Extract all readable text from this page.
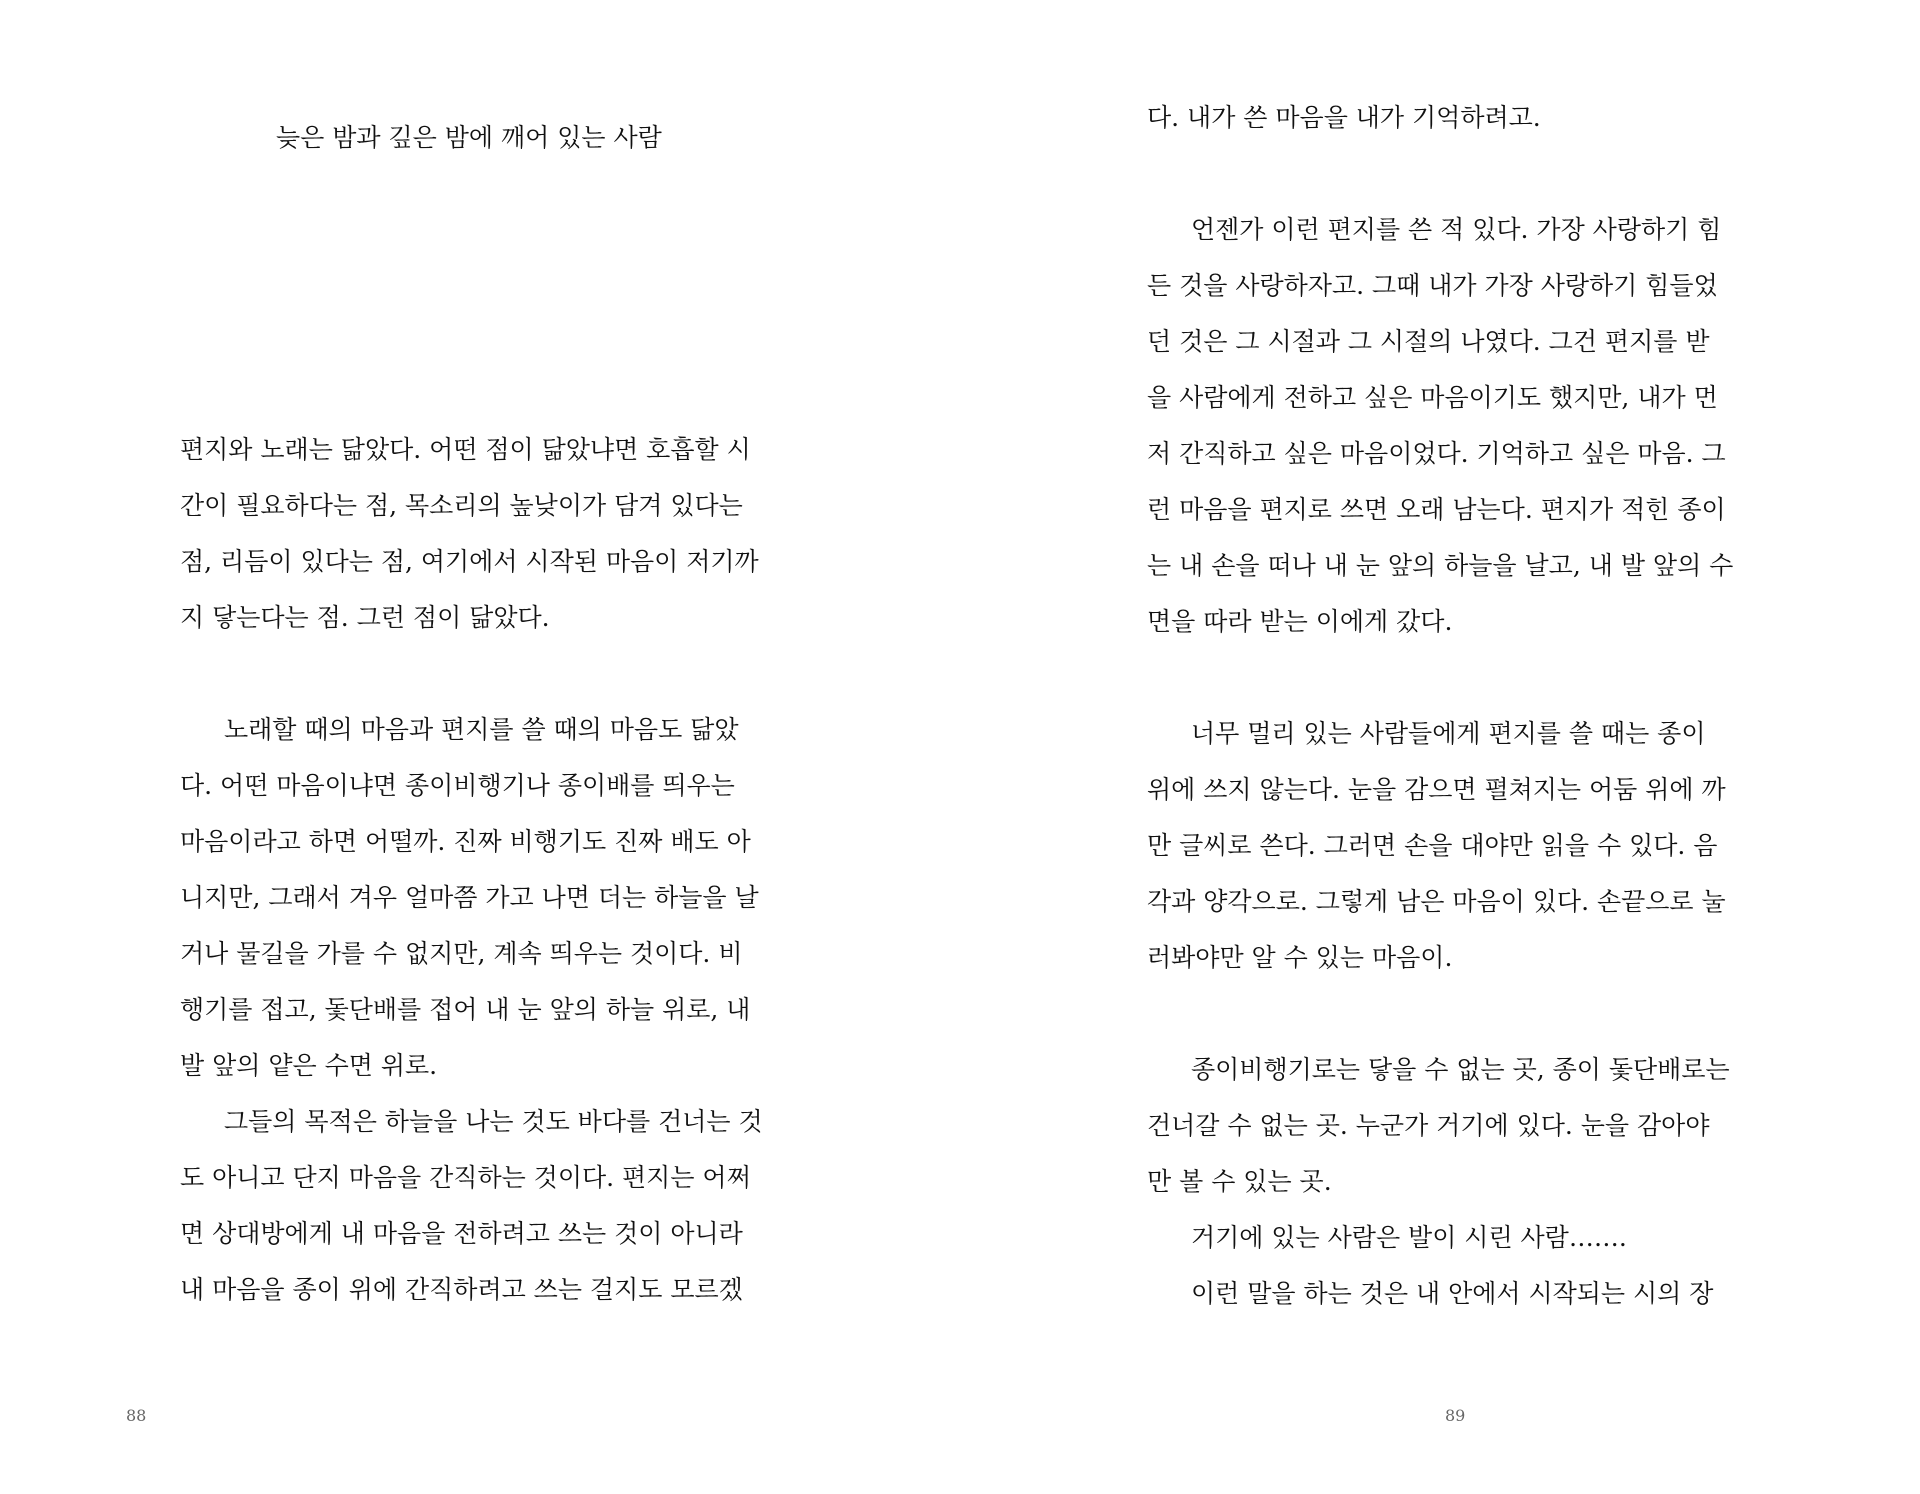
늦은 밤과 깊은 밤에 깨어 있는 사람
편지와 노래는 닮았다. 어떤 점이 닮았냐면 호흡할 시
간이 필요하다는 점, 목소리의 높낮이가 담겨 있다는
점, 리듬이 있다는 점, 여기에서 시작된 마음이 저기까
지 닿는다는 점. 그런 점이 닮았다.
노래할 때의 마음과 편지를 쓸 때의 마음도 닮았
다. 어떤 마음이냐면 종이비행기나 종이배를 띄우는
마음이라고 하면 어떨까. 진짜 비행기도 진짜 배도 아
니지만, 그래서 겨우 얼마쯤 가고 나면 더는 하늘을 날
거나 물길을 가를 수 없지만, 계속 띄우는 것이다. 비
행기를 접고, 돛단배를 접어 내 눈 앞의 하늘 위로, 내
발 앞의 얕은 수면 위로.
그들의 목적은 하늘을 나는 것도 바다를 건너는 것
도 아니고 단지 마음을 간직하는 것이다. 편지는 어쩌
면 상대방에게 내 마음을 전하려고 쓰는 것이 아니라
내 마음을 종이 위에 간직하려고 쓰는 걸지도 모르겠
88
다. 내가 쓴 마음을 내가 기억하려고.
언젠가 이런 편지를 쓴 적 있다. 가장 사랑하기 힘
든 것을 사랑하자고. 그때 내가 가장 사랑하기 힘들었
던 것은 그 시절과 그 시절의 나였다. 그건 편지를 받
을 사람에게 전하고 싶은 마음이기도 했지만, 내가 먼
저 간직하고 싶은 마음이었다. 기억하고 싶은 마음. 그
런 마음을 편지로 쓰면 오래 남는다. 편지가 적힌 종이
는 내 손을 떠나 내 눈 앞의 하늘을 날고, 내 발 앞의 수
면을 따라 받는 이에게 갔다.
너무 멀리 있는 사람들에게 편지를 쓸 때는 종이
위에 쓰지 않는다. 눈을 감으면 펼쳐지는 어둠 위에 까
만 글씨로 쓴다. 그러면 손을 대야만 읽을 수 있다. 음
각과 양각으로. 그렇게 남은 마음이 있다. 손끝으로 눌
러봐야만 알 수 있는 마음이.
종이비행기로는 닿을 수 없는 곳, 종이 돛단배로는
건너갈 수 없는 곳. 누군가 거기에 있다. 눈을 감아야
만 볼 수 있는 곳.
거기에 있는 사람은 발이 시린 사람…….
이런 말을 하는 것은 내 안에서 시작되는 시의 장
89
